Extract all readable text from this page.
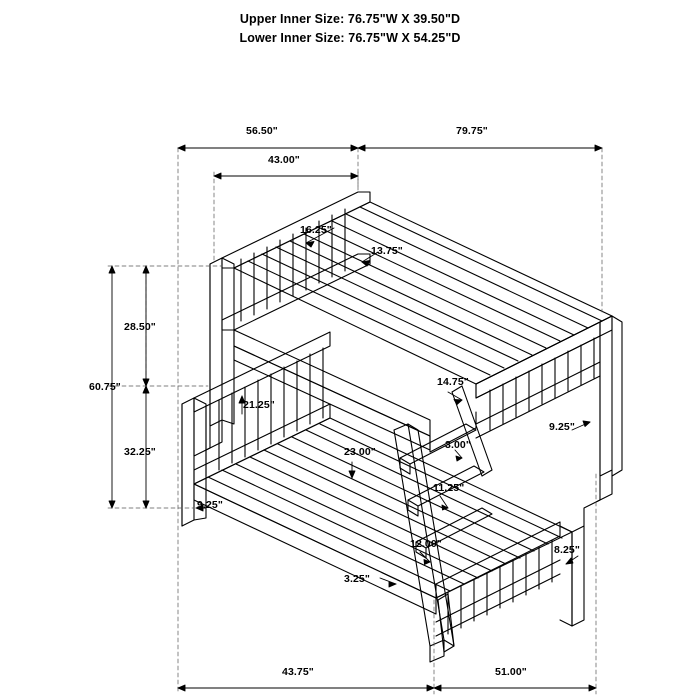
Upper Inner Size: 76.75"W X 39.50"D
Lower Inner Size: 76.75"W X 54.25"D
56.50"	79.75"
43.00"
16.25"
13.75"
28.50"
60.75"
32.25"
21.25"
14.75"
9.25"
23.00"
3.00"
11.25"
9.25"
12.00"	8.25"
3.25"
43.75"	51.00"
